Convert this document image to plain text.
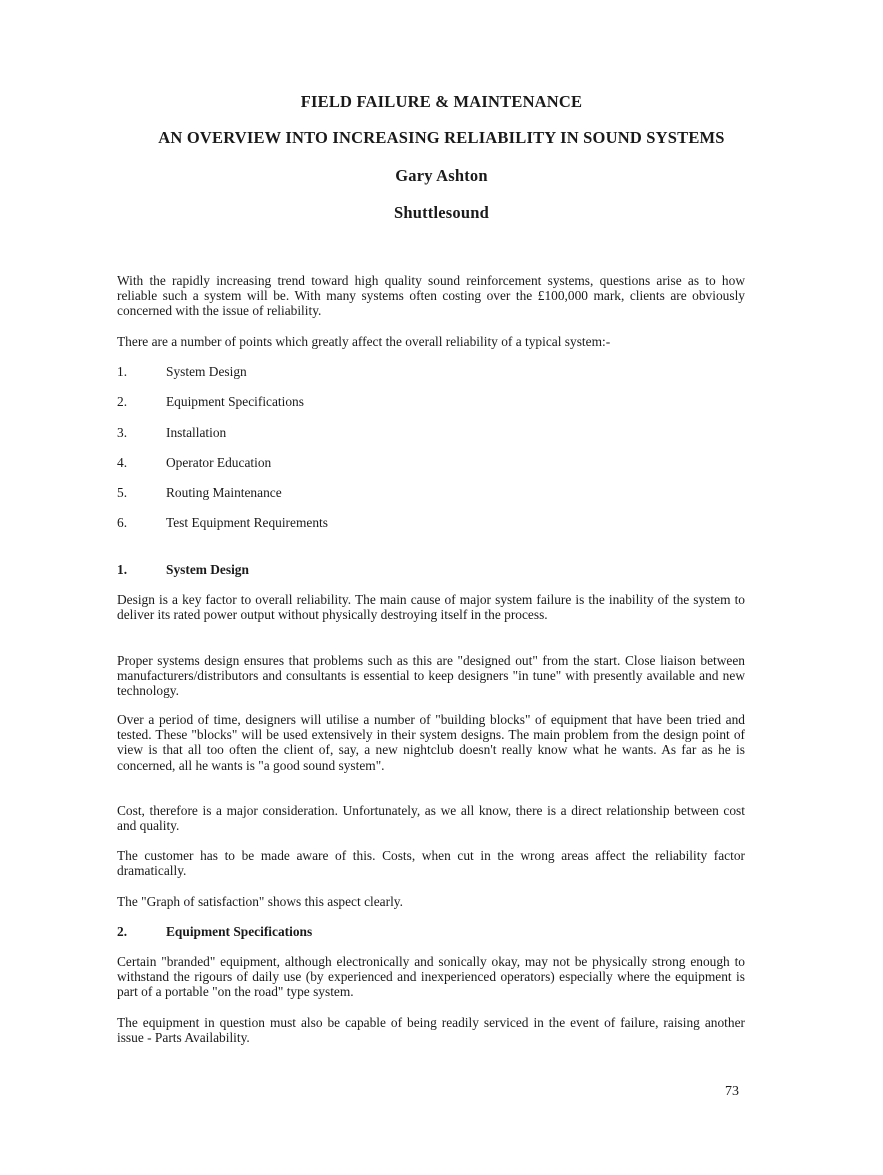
FIELD FAILURE & MAINTENANCE
AN OVERVIEW INTO INCREASING RELIABILITY IN SOUND SYSTEMS
Gary Ashton
Shuttlesound

With the rapidly increasing trend toward high quality sound reinforcement systems, questions arise as to how reliable such a system will be. With many systems often costing over the £100,000 mark, clients are obviously concerned with the issue of reliability.

There are a number of points which greatly affect the overall reliability of a typical system:-

1.	System Design
2.	Equipment Specifications
3.	Installation
4.	Operator Education
5.	Routing Maintenance
6.	Test Equipment Requirements
1.	System Design

Design is a key factor to overall reliability. The main cause of major system failure is the inability of the system to deliver its rated power output without physically destroying itself in the process.

Proper systems design ensures that problems such as this are "designed out" from the start. Close liaison between manufacturers/distributors and consultants is essential to keep designers "in tune" with presently available and new technology.

Over a period of time, designers will utilise a number of "building blocks" of equipment that have been tried and tested. These "blocks" will be used extensively in their system designs. The main problem from the design point of view is that all too often the client of, say, a new nightclub doesn't really know what he wants. As far as he is concerned, all he wants is "a good sound system".

Cost, therefore is a major consideration. Unfortunately, as we all know, there is a direct relationship between cost and quality.

The customer has to be made aware of this. Costs, when cut in the wrong areas affect the reliability factor dramatically.

The "Graph of satisfaction" shows this aspect clearly.

2.	Equipment Specifications

Certain "branded" equipment, although electronically and sonically okay, may not be physically strong enough to withstand the rigours of daily use (by experienced and inexperienced operators) especially where the equipment is part of a portable "on the road" type system.

The equipment in question must also be capable of being readily serviced in the event of failure, raising another issue - Parts Availability.

73
